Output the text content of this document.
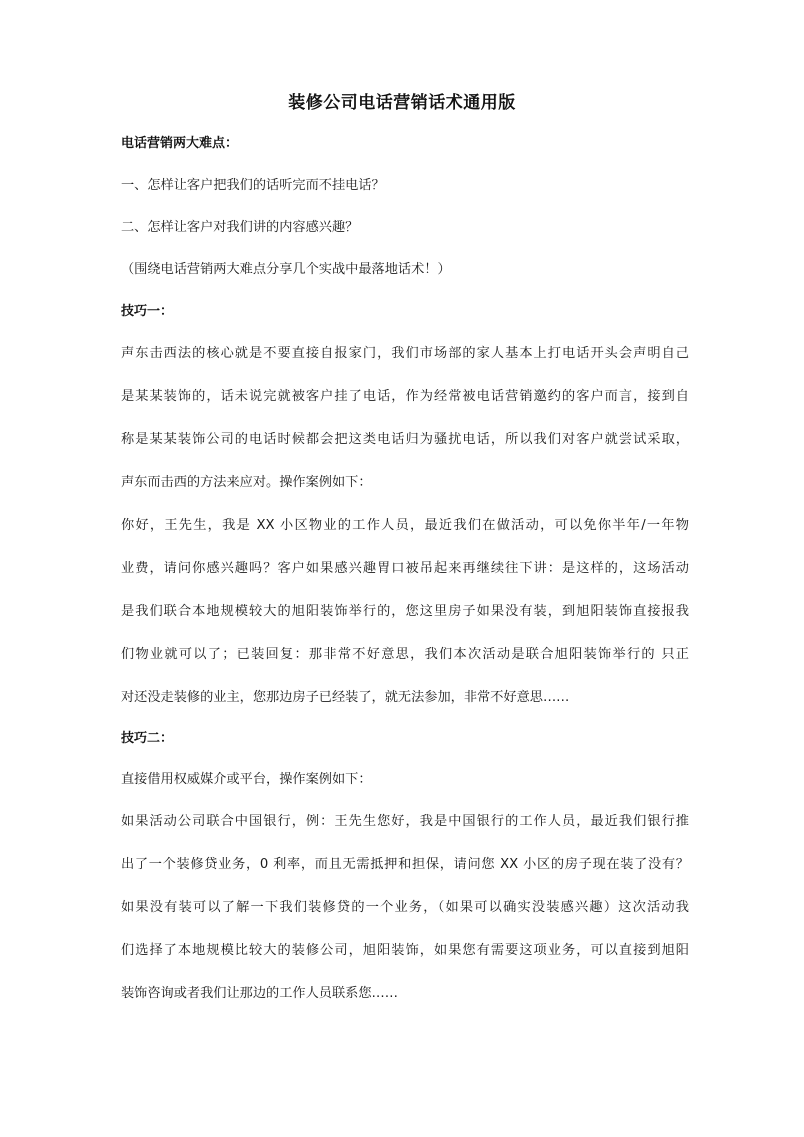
装修公司电话营销话术通用版
电话营销两大难点：
一、怎样让客户把我们的话听完而不挂电话？
二、怎样让客户对我们讲的内容感兴趣？
（围绕电话营销两大难点分享几个实战中最落地话术！）
技巧一：
声东击西法的核心就是不要直接自报家门，我们市场部的家人基本上打电话开头会声明自己
是某某装饰的，话未说完就被客户挂了电话，作为经常被电话营销邀约的客户而言，接到自
称是某某装饰公司的电话时候都会把这类电话归为骚扰电话，所以我们对客户就尝试采取，
声东而击西的方法来应对。操作案例如下：
你好，王先生，我是 XX 小区物业的工作人员，最近我们在做活动，可以免你半年/一年物
业费，请问你感兴趣吗？客户如果感兴趣胃口被吊起来再继续往下讲：是这样的，这场活动
是我们联合本地规模较大的旭阳装饰举行的，您这里房子如果没有装，到旭阳装饰直接报我
们物业就可以了；已装回复：那非常不好意思，我们本次活动是联合旭阳装饰举行的 只正
对还没走装修的业主，您那边房子已经装了，就无法参加，非常不好意思……
技巧二：
直接借用权威媒介或平台，操作案例如下：
如果活动公司联合中国银行，例：王先生您好，我是中国银行的工作人员，最近我们银行推
出了一个装修贷业务，0 利率，而且无需抵押和担保，请问您 XX 小区的房子现在装了没有？
如果没有装可以了解一下我们装修贷的一个业务，（如果可以确实没装感兴趣）这次活动我
们选择了本地规模比较大的装修公司，旭阳装饰，如果您有需要这项业务，可以直接到旭阳
装饰咨询或者我们让那边的工作人员联系您……
